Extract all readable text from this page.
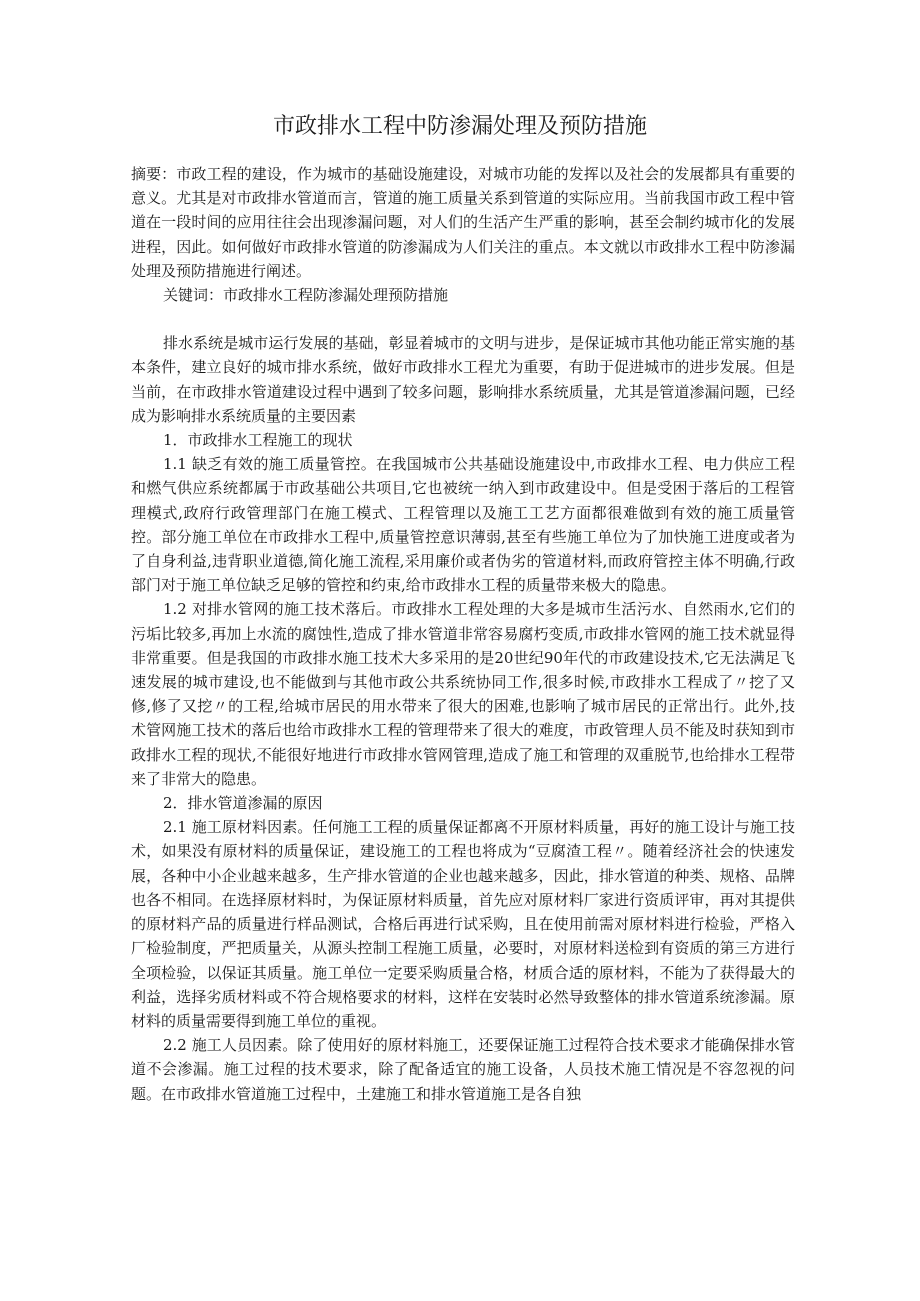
市政排水工程中防渗漏处理及预防措施

摘要：市政工程的建设，作为城市的基础设施建设，对城市功能的发挥以及社会的发展都具有重要的意义。尤其是对市政排水管道而言，管道的施工质量关系到管道的实际应用。当前我国市政工程中管道在一段时间的应用往往会出现渗漏问题，对人们的生活产生严重的影响，甚至会制约城市化的发展进程，因此。如何做好市政排水管道的防渗漏成为人们关注的重点。本文就以市政排水工程中防渗漏处理及预防措施进行阐述。

关键词：市政排水工程防渗漏处理预防措施

排水系统是城市运行发展的基础，彰显着城市的文明与进步，是保证城市其他功能正常实施的基本条件，建立良好的城市排水系统，做好市政排水工程尤为重要，有助于促进城市的进步发展。但是当前，在市政排水管道建设过程中遇到了较多问题，影响排水系统质量，尤其是管道渗漏问题，已经成为影响排水系统质量的主要因素

1．市政排水工程施工的现状

1.1 缺乏有效的施工质量管控。在我国城市公共基础设施建设中,市政排水工程、电力供应工程和燃气供应系统都属于市政基础公共项目,它也被统一纳入到市政建设中。但是受困于落后的工程管理模式,政府行政管理部门在施工模式、工程管理以及施工工艺方面都很难做到有效的施工质量管控。部分施工单位在市政排水工程中,质量管控意识薄弱,甚至有些施工单位为了加快施工进度或者为了自身利益,违背职业道德,简化施工流程,采用廉价或者伪劣的管道材料,而政府管控主体不明确,行政部门对于施工单位缺乏足够的管控和约束,给市政排水工程的质量带来极大的隐患。

1.2 对排水管网的施工技术落后。市政排水工程处理的大多是城市生活污水、自然雨水,它们的污垢比较多,再加上水流的腐蚀性,造成了排水管道非常容易腐朽变质,市政排水管网的施工技术就显得非常重要。但是我国的市政排水施工技术大多采用的是20世纪90年代的市政建设技术,它无法满足飞速发展的城市建设,也不能做到与其他市政公共系统协同工作,很多时候,市政排水工程成了〃挖了又修,修了又挖〃的工程,给城市居民的用水带来了很大的困难,也影响了城市居民的正常出行。此外,技术管网施工技术的落后也给市政排水工程的管理带来了很大的难度，市政管理人员不能及时获知到市政排水工程的现状,不能很好地进行市政排水管网管理,造成了施工和管理的双重脱节,也给排水工程带来了非常大的隐患。

2．排水管道渗漏的原因

2.1 施工原材料因素。任何施工工程的质量保证都离不开原材料质量，再好的施工设计与施工技术，如果没有原材料的质量保证，建设施工的工程也将成为“豆腐渣工程〃。随着经济社会的快速发展，各种中小企业越来越多，生产排水管道的企业也越来越多，因此，排水管道的种类、规格、品牌也各不相同。在选择原材料时，为保证原材料质量，首先应对原材料厂家进行资质评审，再对其提供的原材料产品的质量进行样品测试，合格后再进行试采购，且在使用前需对原材料进行检验，严格入厂检验制度，严把质量关，从源头控制工程施工质量，必要时，对原材料送检到有资质的第三方进行全项检验，以保证其质量。施工单位一定要采购质量合格，材质合适的原材料，不能为了获得最大的利益，选择劣质材料或不符合规格要求的材料，这样在安装时必然导致整体的排水管道系统渗漏。原材料的质量需要得到施工单位的重视。

2.2 施工人员因素。除了使用好的原材料施工，还要保证施工过程符合技术要求才能确保排水管道不会渗漏。施工过程的技术要求，除了配备适宜的施工设备，人员技术施工情况是不容忽视的问题。在市政排水管道施工过程中，土建施工和排水管道施工是各自独
